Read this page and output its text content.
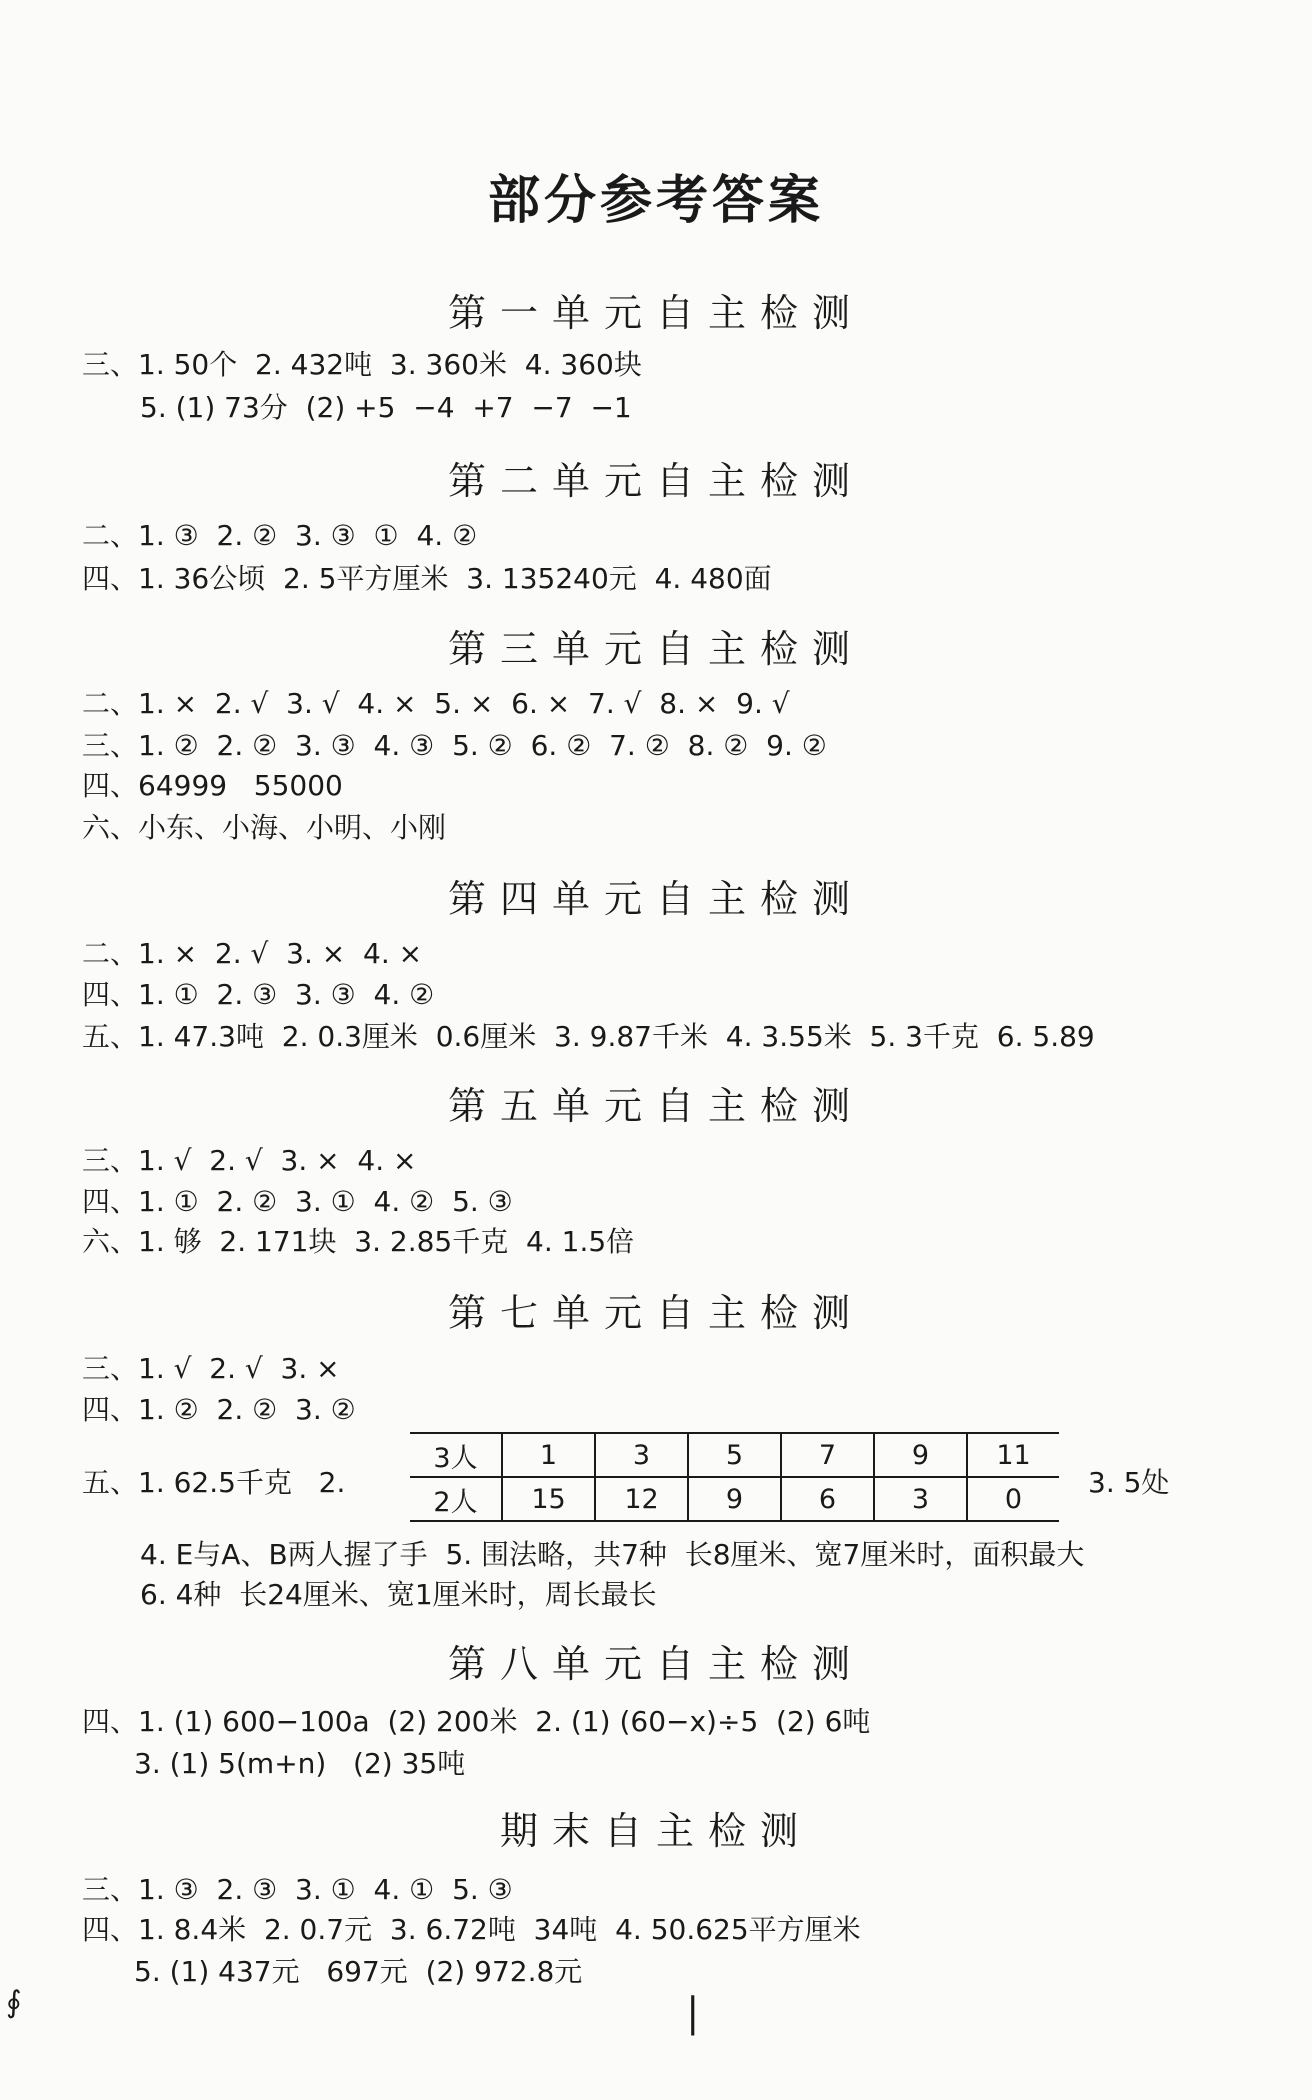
部分参考答案
第一单元自主检测
三、1. 50个  2. 432吨  3. 360米  4. 360块
5. (1) 73分  (2) +5  −4  +7  −7  −1
第二单元自主检测
二、1. ③  2. ②  3. ③  ①  4. ②
四、1. 36公顷  2. 5平方厘米  3. 135240元  4. 480面
第三单元自主检测
二、1. ×  2. √  3. √  4. ×  5. ×  6. ×  7. √  8. ×  9. √
三、1. ②  2. ②  3. ③  4. ③  5. ②  6. ②  7. ②  8. ②  9. ②
四、64999   55000
六、小东、小海、小明、小刚
第四单元自主检测
二、1. ×  2. √  3. ×  4. ×
四、1. ①  2. ③  3. ③  4. ②
五、1. 47.3吨  2. 0.3厘米  0.6厘米  3. 9.87千米  4. 3.55米  5. 3千克  6. 5.89
第五单元自主检测
三、1. √  2. √  3. ×  4. ×
四、1. ①  2. ②  3. ①  4. ②  5. ③
六、1. 够  2. 171块  3. 2.85千克  4. 1.5倍
第七单元自主检测
三、1. √  2. √  3. ×
四、1. ②  2. ②  3. ②
五、1. 62.5千克   2.
3人	1	3	5	7	9	11
2人	15	12	9	6	3	0 3. 5处
4. E与A、B两人握了手  5. 围法略，共7种  长8厘米、宽7厘米时，面积最大
6. 4种  长24厘米、宽1厘米时，周长最长
第八单元自主检测
四、1. (1) 600−100a  (2) 200米  2. (1) (60−x)÷5  (2) 6吨
3. (1) 5(m+n)   (2) 35吨
期末自主检测
三、1. ③  2. ③  3. ①  4. ①  5. ③
四、1. 8.4米  2. 0.7元  3. 6.72吨  34吨  4. 50.625平方厘米
5. (1) 437元   697元  (2) 972.8元
|
∮
